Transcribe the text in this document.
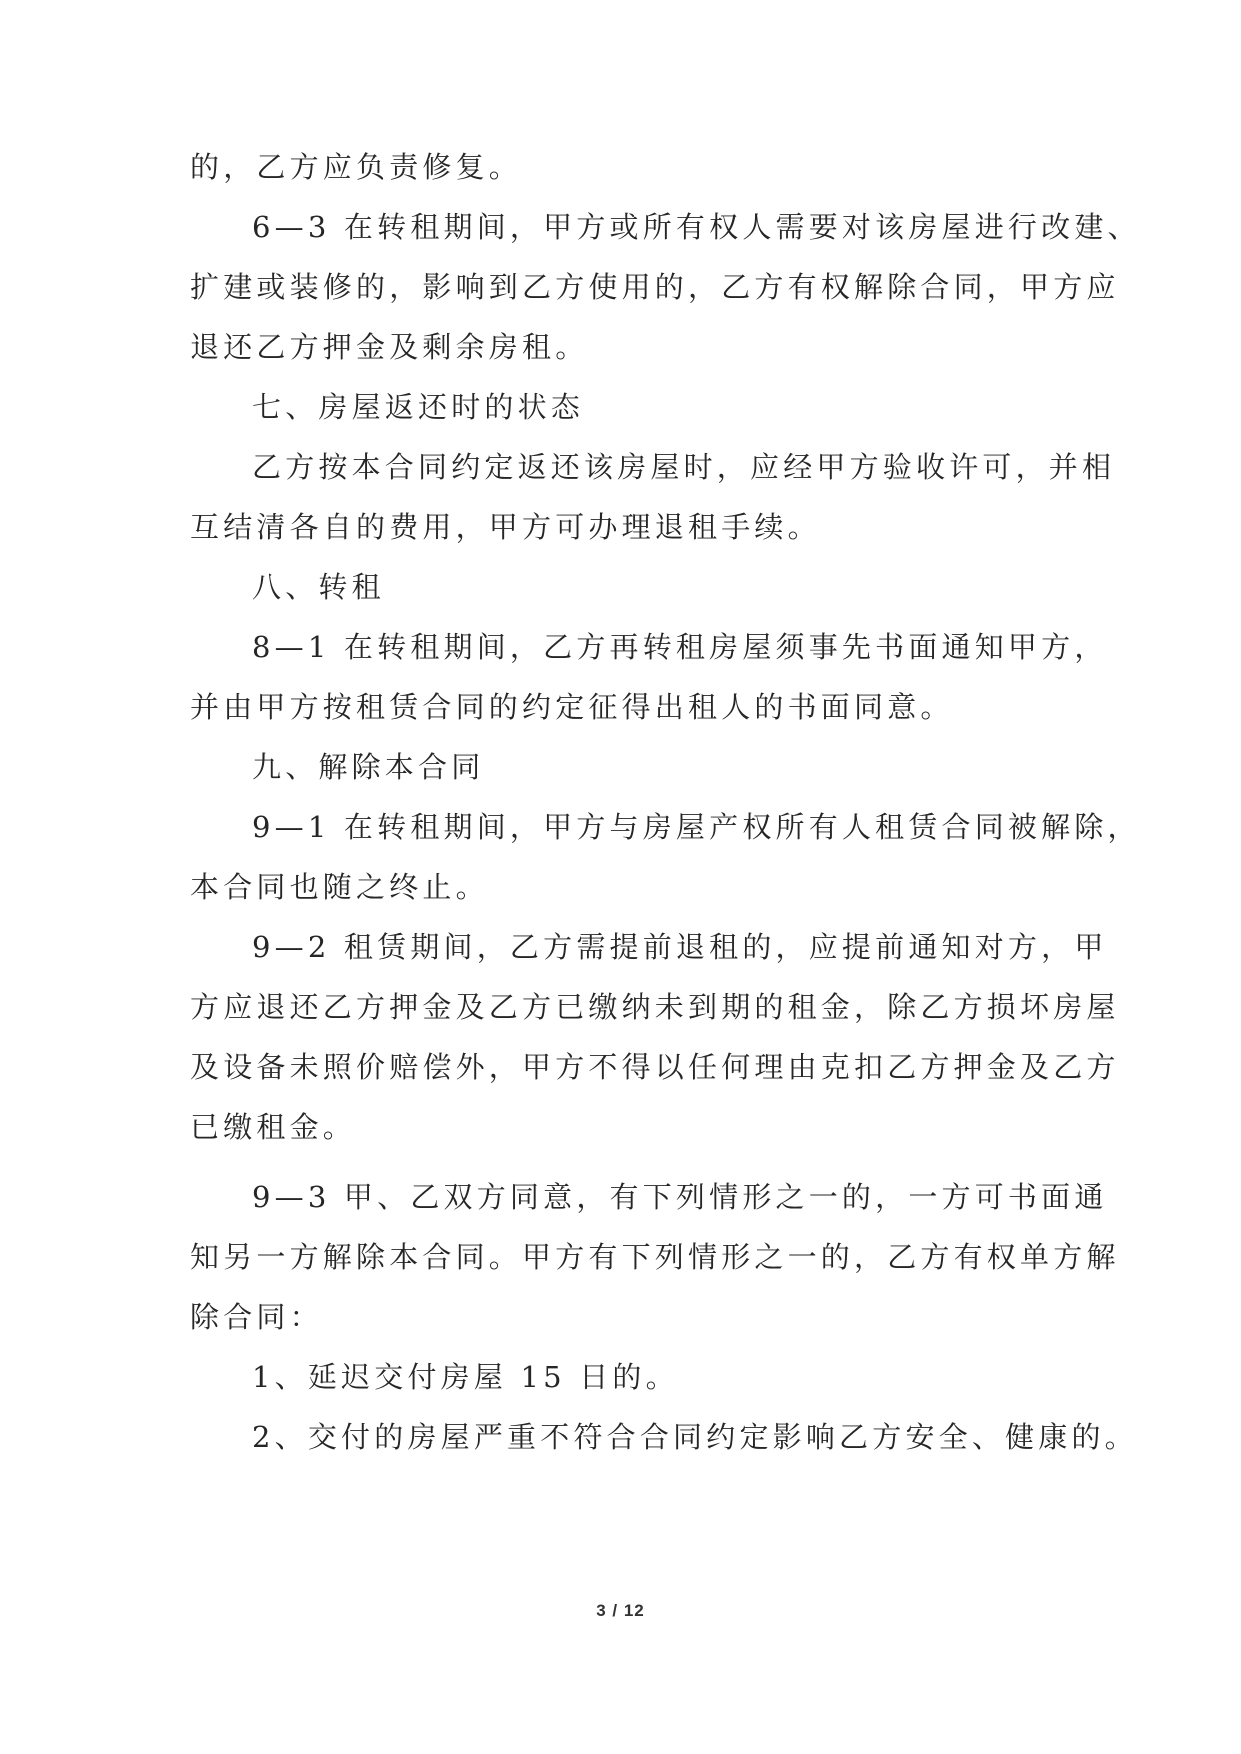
的，乙方应负责修复。
6—3 在转租期间，甲方或所有权人需要对该房屋进行改建、
扩建或装修的，影响到乙方使用的，乙方有权解除合同，甲方应
退还乙方押金及剩余房租。
七、房屋返还时的状态
乙方按本合同约定返还该房屋时，应经甲方验收许可，并相
互结清各自的费用，甲方可办理退租手续。
八、转租
8—1 在转租期间，乙方再转租房屋须事先书面通知甲方，
并由甲方按租赁合同的约定征得出租人的书面同意。
九、解除本合同
9—1 在转租期间，甲方与房屋产权所有人租赁合同被解除，
本合同也随之终止。
9—2 租赁期间，乙方需提前退租的，应提前通知对方，甲
方应退还乙方押金及乙方已缴纳未到期的租金，除乙方损坏房屋
及设备未照价赔偿外，甲方不得以任何理由克扣乙方押金及乙方
已缴租金。
9—3 甲、乙双方同意，有下列情形之一的，一方可书面通
知另一方解除本合同。甲方有下列情形之一的，乙方有权单方解
除合同：
1、延迟交付房屋 15 日的。
2、交付的房屋严重不符合合同约定影响乙方安全、健康的。
3 / 12
